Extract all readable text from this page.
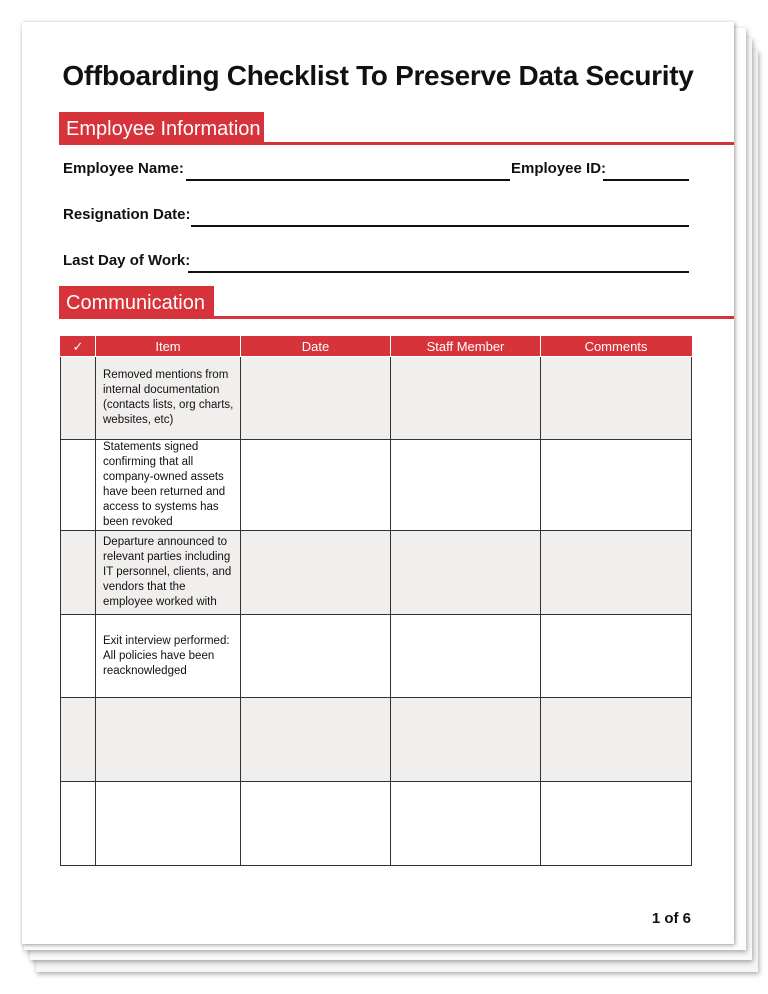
Offboarding Checklist To Preserve Data Security
Employee Information
Employee Name:	Employee ID:
Resignation Date:
Last Day of Work:
Communication
✓	Item	Date	Staff Member	Comments
	Removed mentions from internal documentation (contacts lists, org charts, websites, etc)			
	Statements signed confirming that all company-owned assets have been returned and access to systems has been revoked			
	Departure announced to relevant parties including IT personnel, clients, and vendors that the employee worked with			
	Exit interview performed: All policies have been reacknowledged			

1 of 6
